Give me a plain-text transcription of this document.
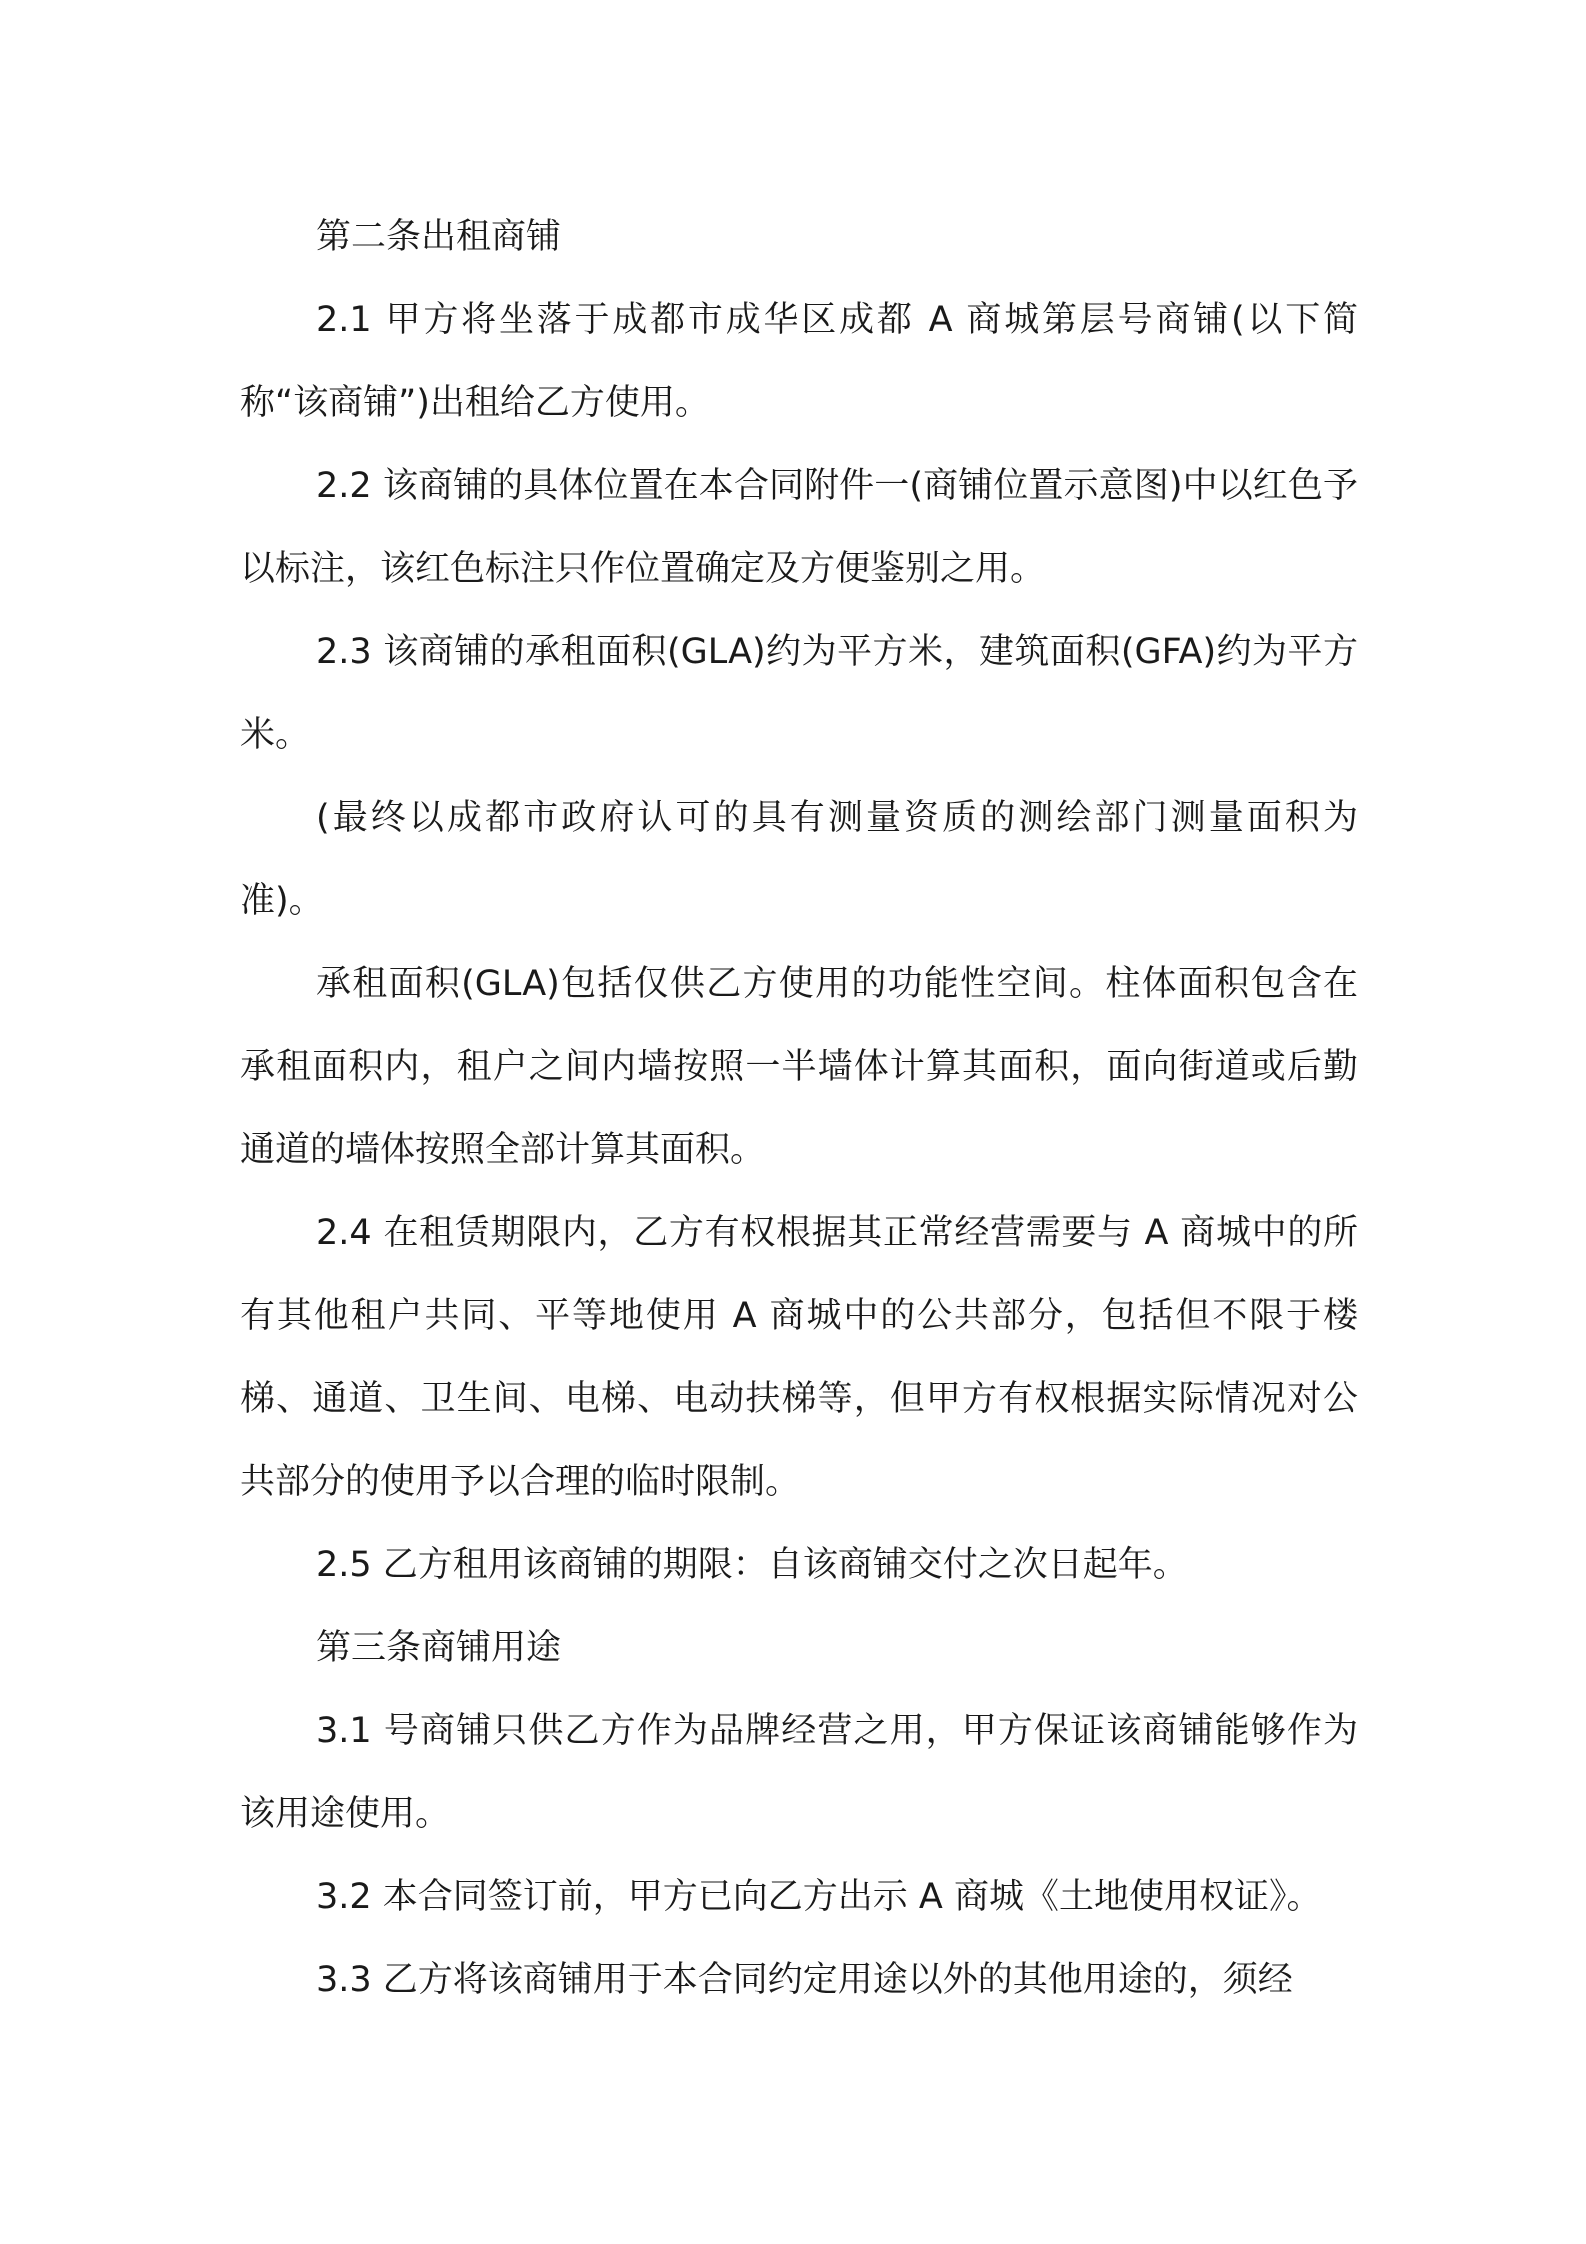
第二条出租商铺

2.1 甲方将坐落于成都市成华区成都 A 商城第层号商铺(以下简称“该商铺”)出租给乙方使用。

2.2 该商铺的具体位置在本合同附件一(商铺位置示意图)中以红色予以标注，该红色标注只作位置确定及方便鉴别之用。

2.3 该商铺的承租面积(GLA)约为平方米，建筑面积(GFA)约为平方米。

(最终以成都市政府认可的具有测量资质的测绘部门测量面积为准)。

承租面积(GLA)包括仅供乙方使用的功能性空间。柱体面积包含在承租面积内，租户之间内墙按照一半墙体计算其面积，面向街道或后勤通道的墙体按照全部计算其面积。

2.4 在租赁期限内，乙方有权根据其正常经营需要与 A 商城中的所有其他租户共同、平等地使用 A 商城中的公共部分，包括但不限于楼梯、通道、卫生间、电梯、电动扶梯等，但甲方有权根据实际情况对公共部分的使用予以合理的临时限制。

2.5 乙方租用该商铺的期限：自该商铺交付之次日起年。

第三条商铺用途

3.1 号商铺只供乙方作为品牌经营之用，甲方保证该商铺能够作为该用途使用。

3.2 本合同签订前，甲方已向乙方出示 A 商城《土地使用权证》。

3.3 乙方将该商铺用于本合同约定用途以外的其他用途的，须经
